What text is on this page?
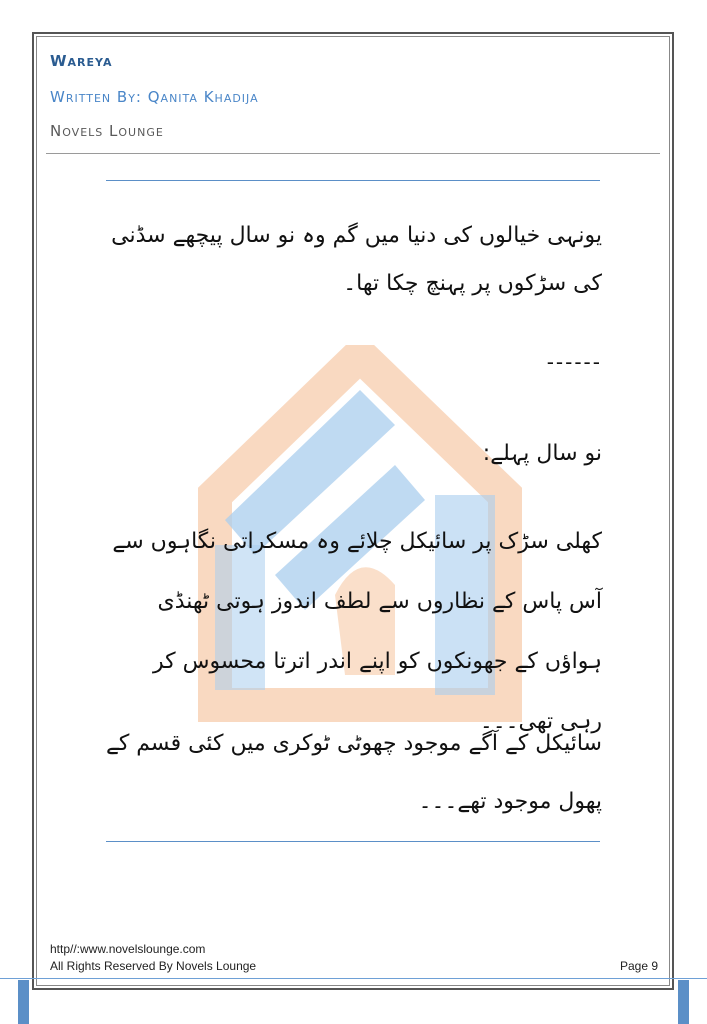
Wareya
Written By: Qanita Khadija
Novels Lounge

یونہی خیالوں کی دنیا میں گم وہ نو سال پیچھے سڈنی کی سڑکوں پر پہنچ چکا تھا۔

------

نو سال پہلے:

کھلی سڑک پر سائیکل چلائے وہ مسکراتی نگاہوں سے آس پاس کے نظاروں سے لطف اندوز ہوتی ٹھنڈی ہواؤں کے جھونکوں کو اپنے اندر اترتا محسوس کر رہی تھی۔۔۔

سائیکل کے آگے موجود چھوٹی ٹوکری میں کئی قسم کے پھول موجود تھے۔۔۔

http//:www.novelslounge.com
All Rights Reserved By Novels Lounge	Page 9
